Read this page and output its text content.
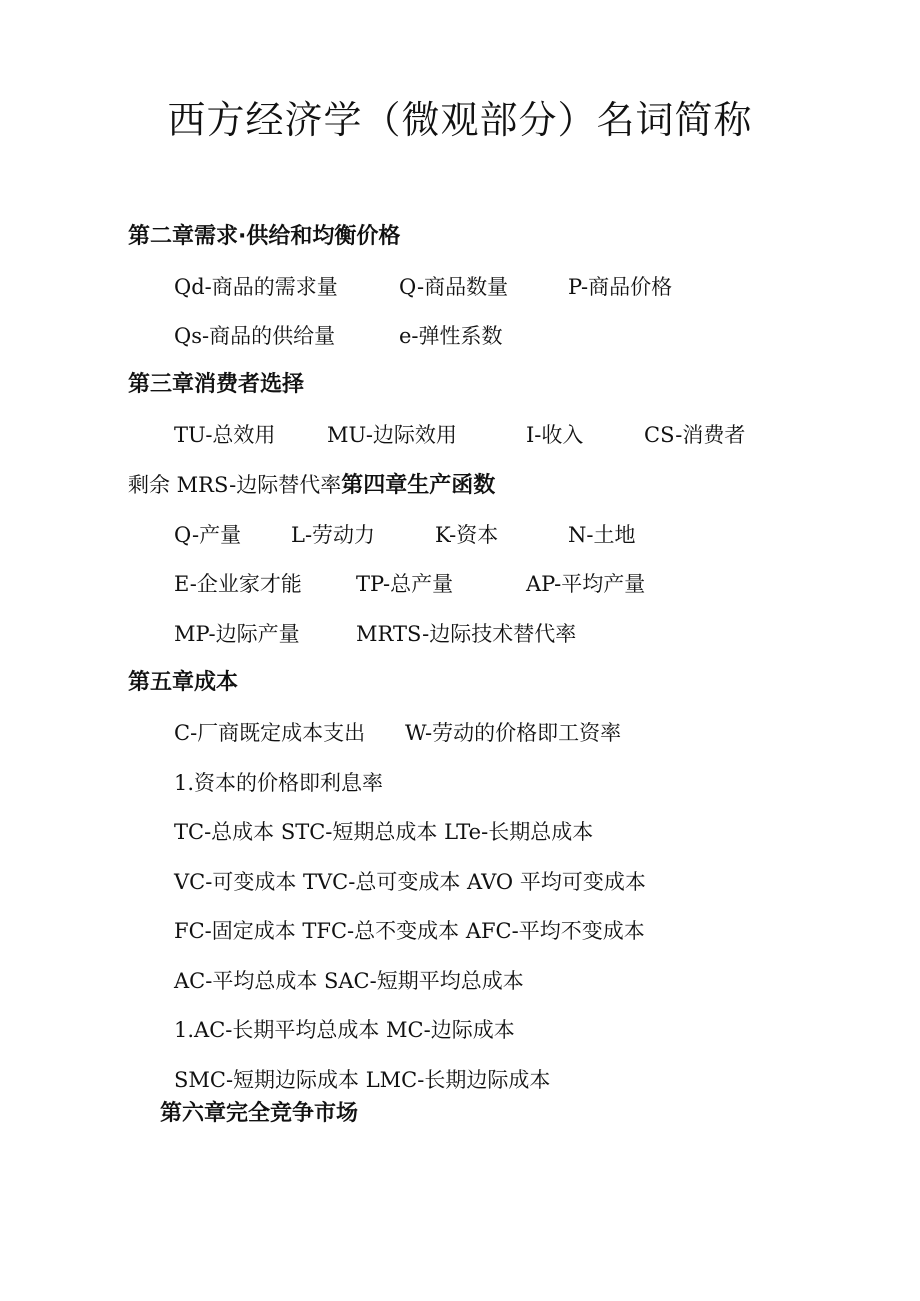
西方经济学（微观部分）名词简称
第二章需求·供给和均衡价格
Qd-商品的需求量	Q-商品数量	P-商品价格
Qs-商品的供给量	e-弹性系数
第三章消费者选择
TU-总效用 MU-边际效用	I-收入	CS-消费者
剩余 MRS-边际替代率第四章生产函数
Q-产量 L-劳动力	K-资本	N-土地
E-企业家才能	TP-总产量	AP-平均产量
MP-边际产量	MRTS-边际技术替代率
第五章成本
C-厂商既定成本支出 W-劳动的价格即工资率
1.资本的价格即利息率
TC-总成本 STC-短期总成本 LTe-长期总成本
VC-可变成本 TVC-总可变成本 AVO 平均可变成本
FC-固定成本 TFC-总不变成本 AFC-平均不变成本
AC-平均总成本 SAC-短期平均总成本
1.AC-长期平均总成本 MC-边际成本
SMC-短期边际成本 LMC-长期边际成本
第六章完全竞争市场
